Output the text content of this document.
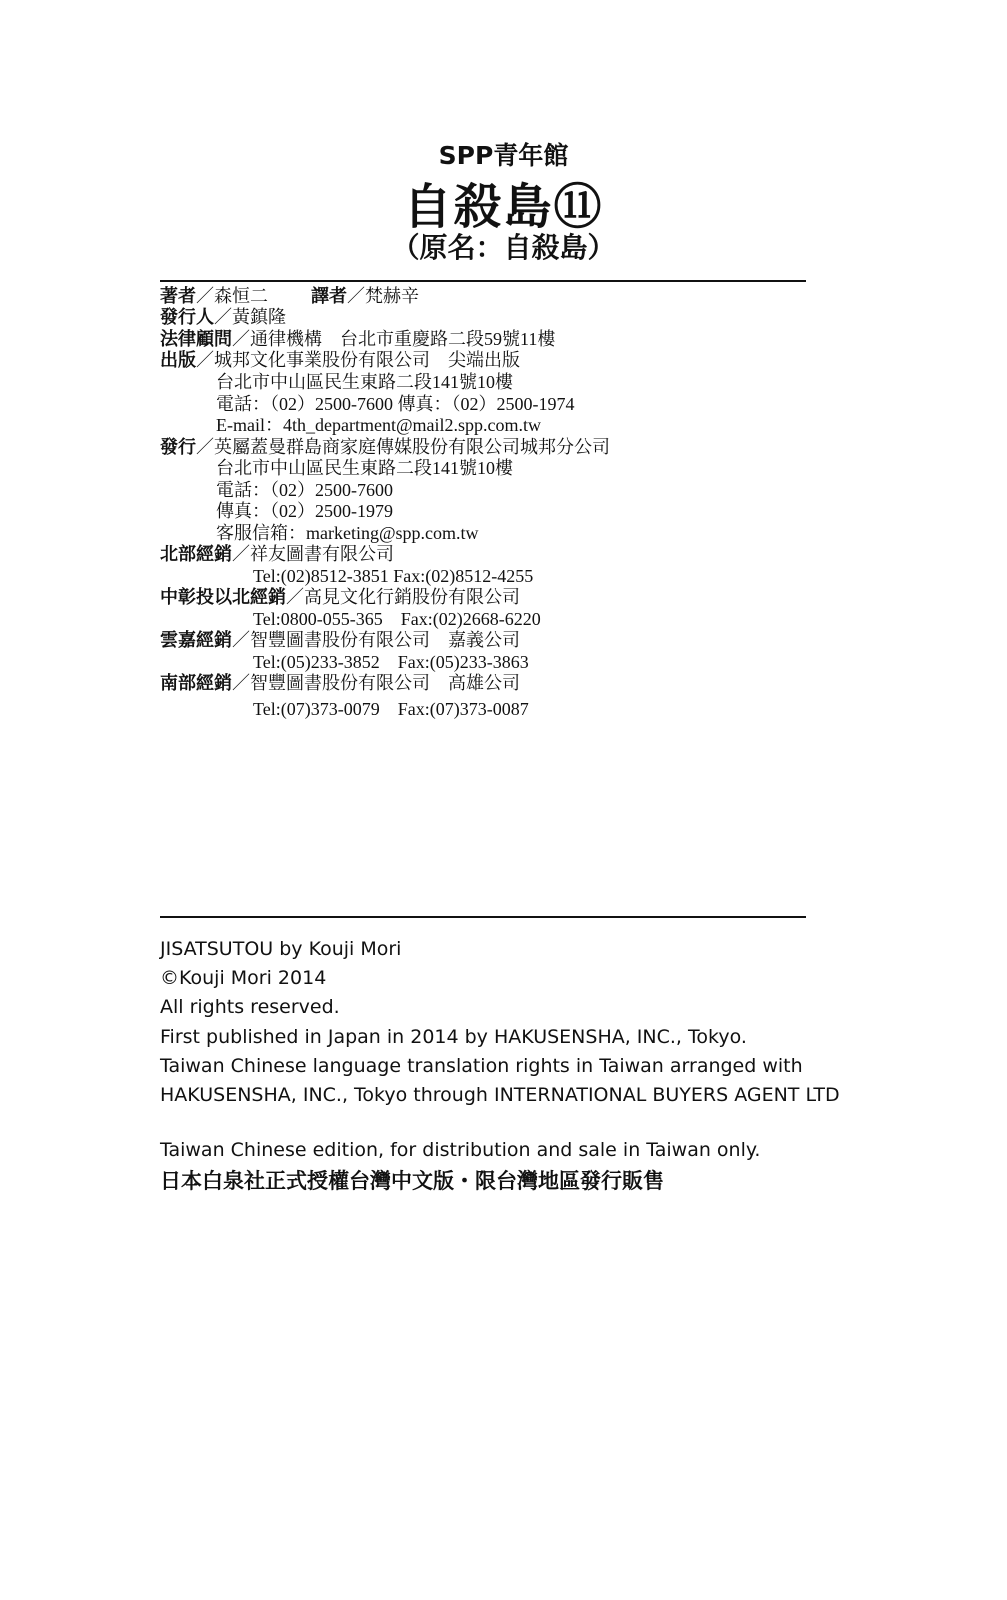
SPP青年館
自殺島⑪
（原名：自殺島）
著者／森恒二 譯者／梵赫辛
發行人／黃鎮隆
法律顧問／通律機構　台北市重慶路二段59號11樓
出版／城邦文化事業股份有限公司　尖端出版
台北市中山區民生東路二段141號10樓
電話：（02）2500-7600 傳真：（02）2500-1974
E-mail：4th_department@mail2.spp.com.tw
發行／英屬蓋曼群島商家庭傳媒股份有限公司城邦分公司
台北市中山區民生東路二段141號10樓
電話：（02）2500-7600
傳真：（02）2500-1979
客服信箱：marketing@spp.com.tw
北部經銷／祥友圖書有限公司
Tel:(02)8512-3851 Fax:(02)8512-4255
中彰投以北經銷／高見文化行銷股份有限公司
Tel:0800-055-365　Fax:(02)2668-6220
雲嘉經銷／智豐圖書股份有限公司　嘉義公司
Tel:(05)233-3852　Fax:(05)233-3863
南部經銷／智豐圖書股份有限公司　高雄公司
Tel:(07)373-0079　Fax:(07)373-0087
JISATSUTOU by Kouji Mori
©Kouji Mori 2014
All rights reserved.
First published in Japan in 2014 by HAKUSENSHA, INC., Tokyo.
Taiwan Chinese language translation rights in Taiwan arranged with
HAKUSENSHA, INC., Tokyo through INTERNATIONAL BUYERS AGENT LTD
Taiwan Chinese edition, for distribution and sale in Taiwan only.
日本白泉社正式授權台灣中文版・限台灣地區發行販售
